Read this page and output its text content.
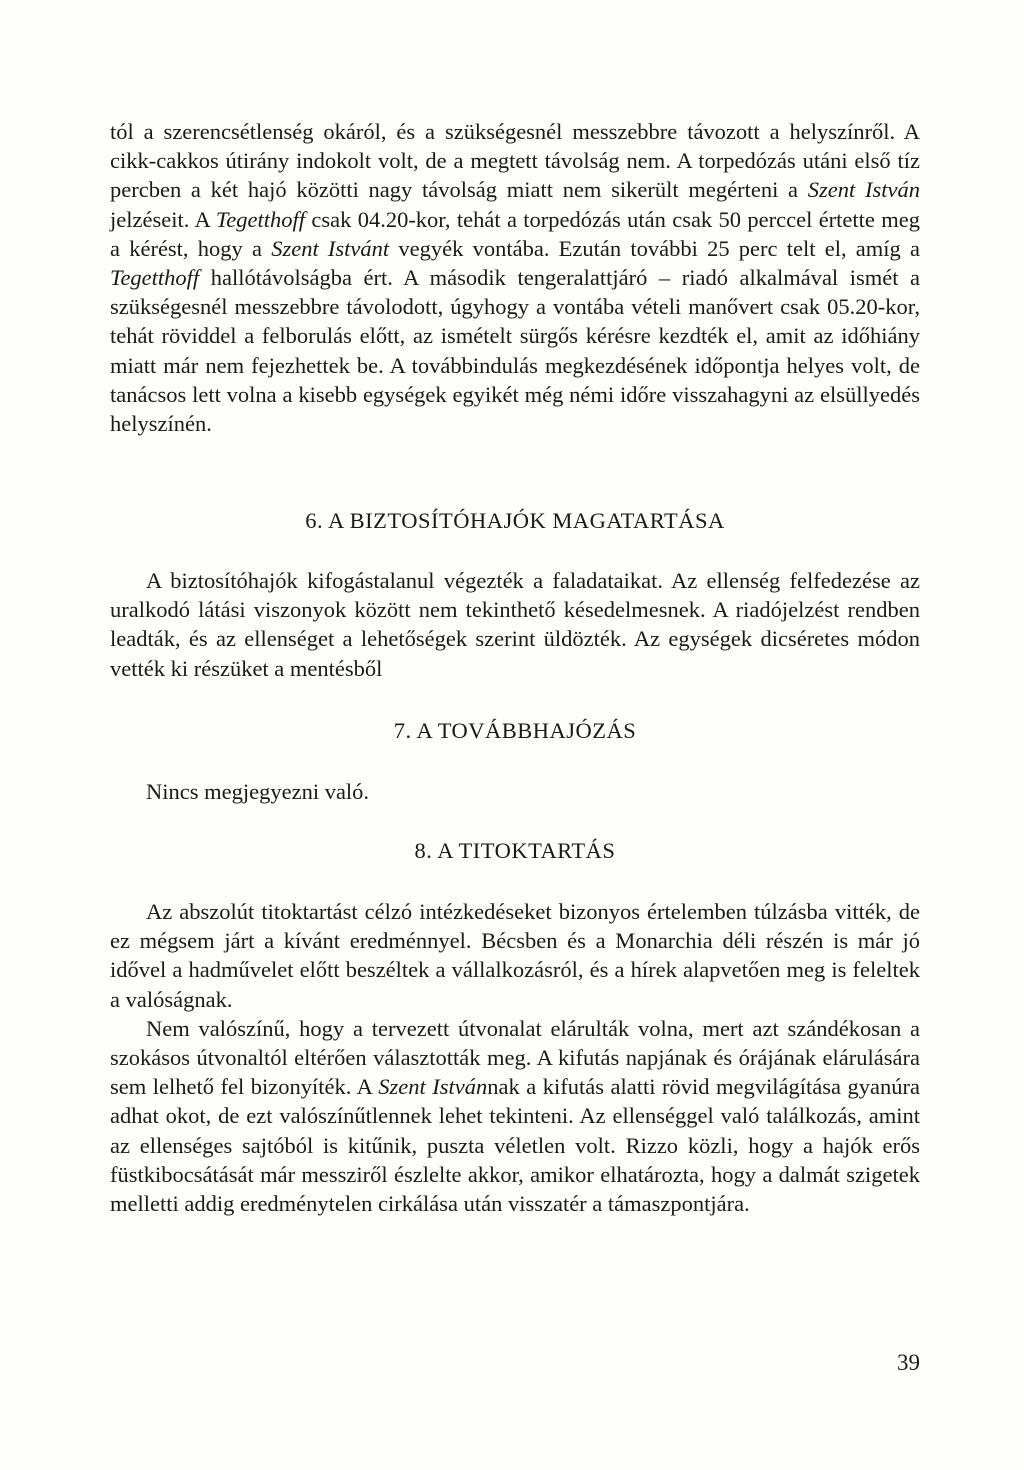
tól a szerencsétlenség okáról, és a szükségesnél messzebbre távozott a helyszínről. A cikk-cakkos útirány indokolt volt, de a megtett távolság nem. A torpedózás utáni első tíz percben a két hajó közötti nagy távolság miatt nem sikerült megérteni a Szent István jelzéseit. A Tegetthoff csak 04.20-kor, tehát a torpedózás után csak 50 perccel értette meg a kérést, hogy a Szent Istvánt vegyék vontába. Ezután további 25 perc telt el, amíg a Tegetthoff hallótávolságba ért. A második tengeralattjáró – riadó alkalmával ismét a szükségesnél messzebbre távolodott, úgyhogy a vontába vételi manővert csak 05.20-kor, tehát röviddel a felborulás előtt, az ismételt sürgős kérésre kezdték el, amit az időhiány miatt már nem fejezhettek be. A továbbindulás megkezdésének időpontja helyes volt, de tanácsos lett volna a kisebb egységek egyikét még némi időre visszahagyni az elsüllyedés helyszínén.

6. A BIZTOSÍTÓHAJÓK MAGATARTÁSA

A biztosítóhajók kifogástalanul végezték a faladataikat. Az ellenség felfedezése az uralkodó látási viszonyok között nem tekinthető késedelmesnek. A riadójelzést rendben leadták, és az ellenséget a lehetőségek szerint üldözték. Az egységek dicséretes módon vették ki részüket a mentésből

7. A TOVÁBBHAJÓZÁS

Nincs megjegyezni való.

8. A TITOKTARTÁS

Az abszolút titoktartást célzó intézkedéseket bizonyos értelemben túlzásba vitték, de ez mégsem járt a kívánt eredménnyel. Bécsben és a Monarchia déli részén is már jó idővel a hadművelet előtt beszéltek a vállalkozásról, és a hírek alapvetően meg is feleltek a valóságnak.

Nem valószínű, hogy a tervezett útvonalat elárulták volna, mert azt szándékosan a szokásos útvonaltól eltérően választották meg. A kifutás napjának és órájának elárulására sem lelhető fel bizonyíték. A Szent Istvánnak a kifutás alatti rövid megvilágítása gyanúra adhat okot, de ezt valószínűtlennek lehet tekinteni. Az ellenséggel való találkozás, amint az ellenséges sajtóból is kitűnik, puszta véletlen volt. Rizzo közli, hogy a hajók erős füstkibocsátását már messziről észlelte akkor, amikor elhatározta, hogy a dalmát szigetek melletti addig eredménytelen cirkálása után visszatér a támaszpontjára.

39
